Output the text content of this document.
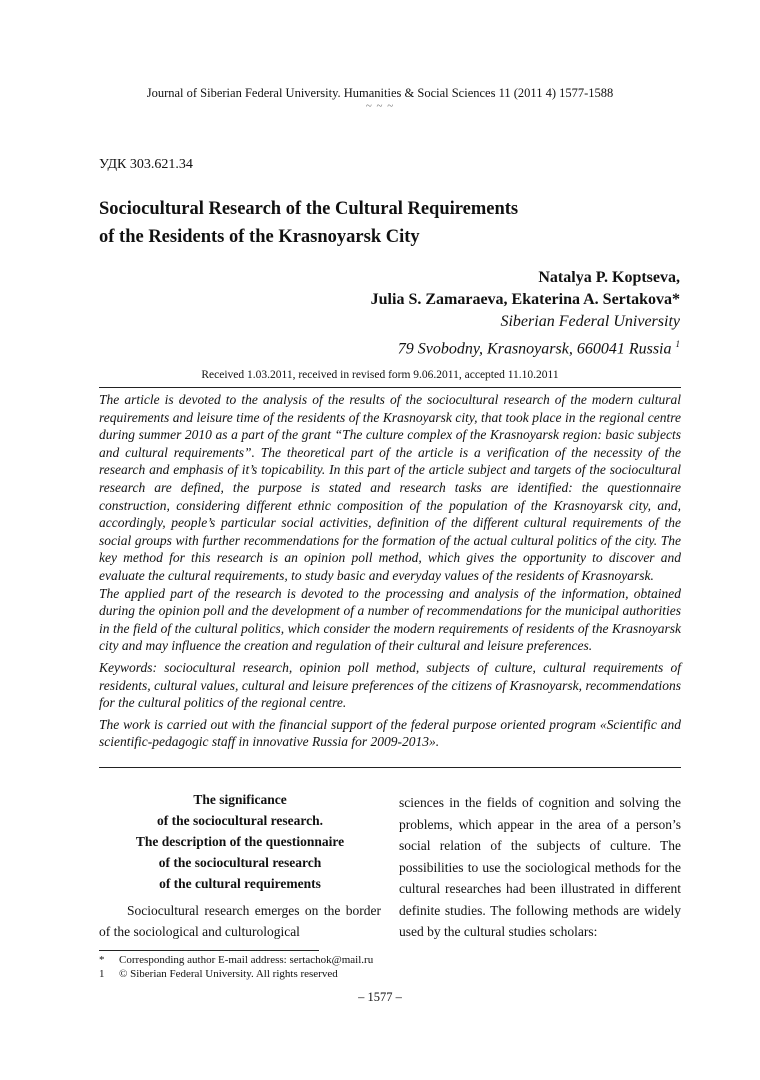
Journal of Siberian Federal University. Humanities & Social Sciences 11 (2011 4) 1577-1588
~ ~ ~
УДК 303.621.34
Sociocultural Research of the Cultural Requirements
of the Residents of the Krasnoyarsk City
Natalya P. Koptseva,
Julia S. Zamaraeva, Ekaterina A. Sertakova*
Siberian Federal University
79 Svobodny, Krasnoyarsk, 660041 Russia $^1$
Received 1.03.2011, received in revised form 9.06.2011, accepted 11.10.2011

The article is devoted to the analysis of the results of the sociocultural research of the modern cultural requirements and leisure time of the residents of the Krasnoyarsk city, that took place in the regional centre during summer 2010 as a part of the grant “The culture complex of the Krasnoyarsk region: basic subjects and cultural requirements”. The theoretical part of the article is a verification of the necessity of the research and emphasis of it’s topicability. In this part of the article subject and targets of the sociocultural research are defined, the purpose is stated and research tasks are identified: the questionnaire construction, considering different ethnic composition of the population of the Krasnoyarsk city, and, accordingly, people’s particular social activities, definition of the different cultural requirements of the social groups with further recommendations for the formation of the actual cultural politics of the city. The key method for this research is an opinion poll method, which gives the opportunity to discover and evaluate the cultural requirements, to study basic and everyday values of the residents of Krasnoyarsk.

The applied part of the research is devoted to the processing and analysis of the information, obtained during the opinion poll and the development of a number of recommendations for the municipal authorities in the field of the cultural politics, which consider the modern requirements of residents of the Krasnoyarsk city and may influence the creation and regulation of their cultural and leisure preferences.

Keywords: sociocultural research, opinion poll method, subjects of culture, cultural requirements of residents, cultural values, cultural and leisure preferences of the citizens of Krasnoyarsk, recommendations for the cultural politics of the regional centre.

The work is carried out with the financial support of the federal purpose oriented program «Scientific and scientific-pedagogic staff in innovative Russia for 2009-2013».

The significance
of the sociocultural research.
The description of the questionnaire
of the sociocultural research
of the cultural requirements

Sociocultural research emerges on the border of the sociological and culturological

sciences in the fields of cognition and solving the problems, which appear in the area of a person’s social relation of the subjects of culture. The possibilities to use the sociological methods for the cultural researches had been illustrated in different definite studies. The following methods are widely used by the cultural studies scholars:

*	Corresponding author E-mail address: sertachok@mail.ru
1	© Siberian Federal University. All rights reserved
– 1577 –
